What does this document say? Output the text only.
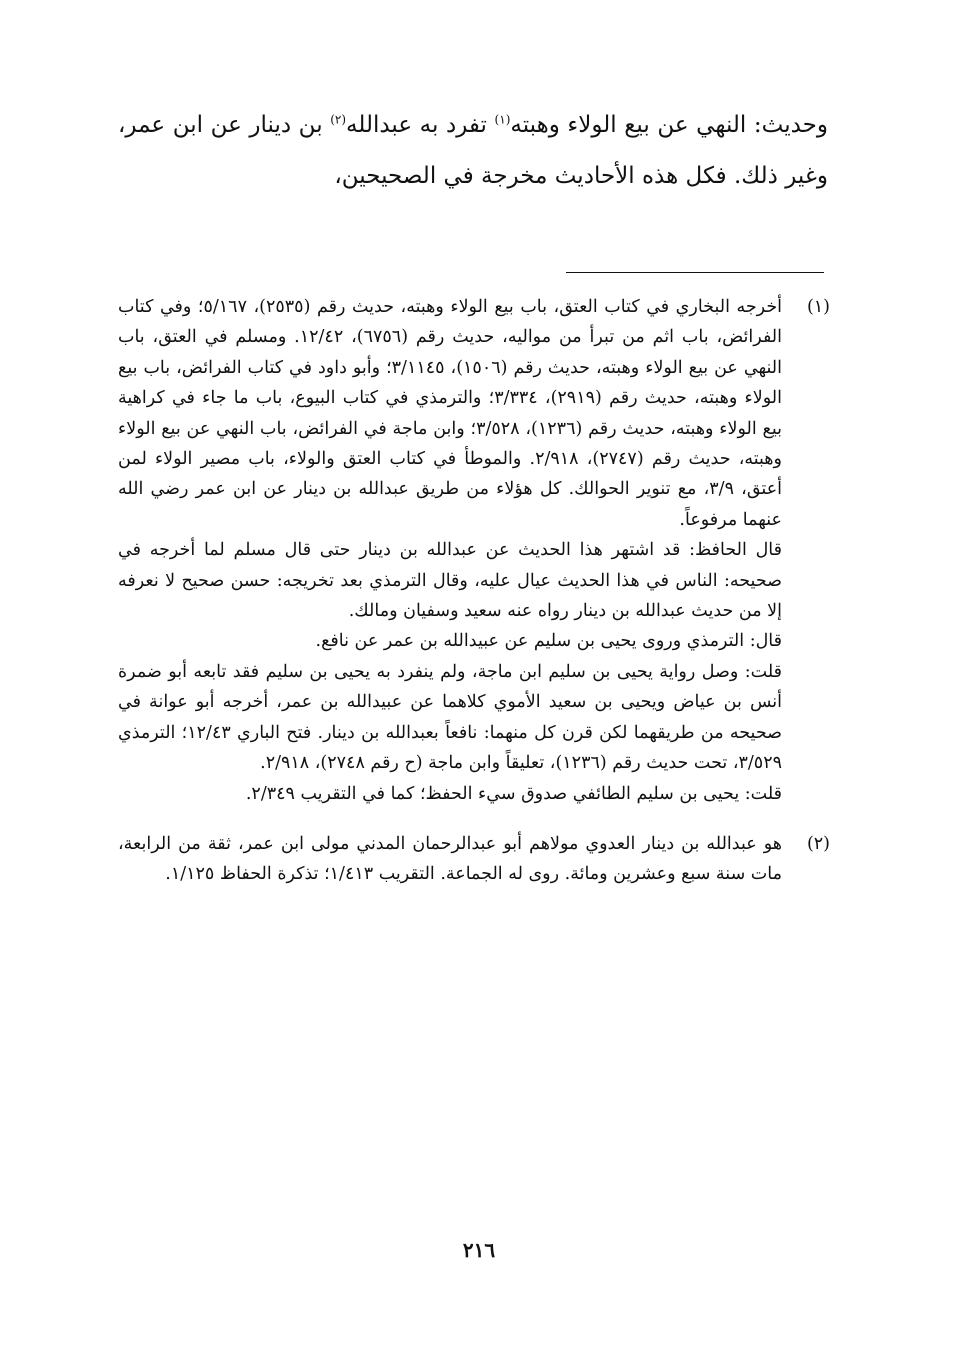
وحديث: النهي عن بيع الولاء وهبته$^{(١)}$ تفرد به عبدالله$^{(٢)}$ بن دينار عن ابن عمر، وغير ذلك. فكل هذه الأحاديث مخرجة في الصحيحين،

(١)

أخرجه البخاري في كتاب العتق، باب بيع الولاء وهبته، حديث رقم (٢٥٣٥)، ٥/١٦٧؛ وفي كتاب الفرائض، باب اثم من تبرأ من مواليه، حديث رقم (٦٧٥٦)، ١٢/٤٢. ومسلم في العتق، باب النهي عن بيع الولاء وهبته، حديث رقم (١٥٠٦)، ٣/١١٤٥؛ وأبو داود في كتاب الفرائض، باب بيع الولاء وهبته، حديث رقم (٢٩١٩)، ٣/٣٣٤؛ والترمذي في كتاب البيوع، باب ما جاء في كراهية بيع الولاء وهبته، حديث رقم (١٢٣٦)، ٣/٥٢٨؛ وابن ماجة في الفرائض، باب النهي عن بيع الولاء وهبته، حديث رقم (٢٧٤٧)، ٢/٩١٨. والموطأ في كتاب العتق والولاء، باب مصير الولاء لمن أعتق، ٣/٩، مع تنوير الحوالك. كل هؤلاء من طريق عبدالله بن دينار عن ابن عمر رضي الله عنهما مرفوعاً.

قال الحافظ: قد اشتهر هذا الحديث عن عبدالله بن دينار حتى قال مسلم لما أخرجه في صحيحه: الناس في هذا الحديث عيال عليه، وقال الترمذي بعد تخريجه: حسن صحيح لا نعرفه إلا من حديث عبدالله بن دينار رواه عنه سعيد وسفيان ومالك.

قال: الترمذي وروى يحيى بن سليم عن عبيدالله بن عمر عن نافع.

قلت: وصل رواية يحيى بن سليم ابن ماجة، ولم ينفرد به يحيى بن سليم فقد تابعه أبو ضمرة أنس بن عياض ويحيى بن سعيد الأموي كلاهما عن عبيدالله بن عمر، أخرجه أبو عوانة في صحيحه من طريقهما لكن قرن كل منهما: نافعاً بعبدالله بن دينار. فتح الباري ١٢/٤٣؛ الترمذي ٣/٥٢٩، تحت حديث رقم (١٢٣٦)، تعليقاً وابن ماجة (ح رقم ٢٧٤٨)، ٢/٩١٨.

قلت: يحيى بن سليم الطائفي صدوق سيء الحفظ؛ كما في التقريب ٢/٣٤٩.

(٢)

هو عبدالله بن دينار العدوي مولاهم أبو عبدالرحمان المدني مولى ابن عمر، ثقة من الرابعة، مات سنة سبع وعشرين ومائة. روى له الجماعة. التقريب ١/٤١٣؛ تذكرة الحفاظ ١/١٢٥.

٢١٦
